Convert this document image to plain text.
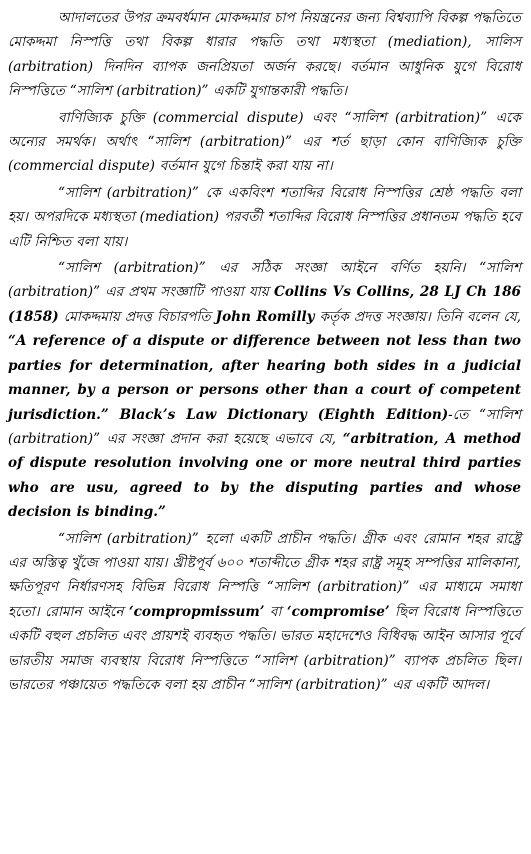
আদালতের উপর ক্রমবর্ধমান মোকদ্দমার চাপ নিয়ন্ত্রনের জন্য বিশ্বব্যাপি বিকল্প পদ্ধতিতে মোকদ্দমা নিস্পত্তি তথা বিকল্প ধারার পদ্ধতি তথা মধ্যস্থতা (mediation), সালিস (arbitration) দিনদিন ব্যাপক জনপ্রিয়তা অর্জন করছে। বর্তমান আধুনিক যুগে বিরোধ নিস্পত্তিতে “সালিশ (arbitration)” একটি যুগান্তকারী পদ্ধতি।

বাণিজ্যিক চুক্তি (commercial dispute) এবং “সালিশ (arbitration)” একে অন্যের সমর্থক। অর্থাৎ “সালিশ (arbitration)” এর শর্ত ছাড়া কোন বাণিজ্যিক চুক্তি (commercial dispute) বর্তমান যুগে চিন্তাই করা যায় না।

“সালিশ (arbitration)” কে একবিংশ শতাব্দির বিরোধ নিস্পত্তির শ্রেষ্ঠ পদ্ধতি বলা হয়। অপরদিকে মধ্যস্থতা (mediation) পরবর্তী শতাব্দির বিরোধ নিস্পত্তির প্রধানতম পদ্ধতি হবে এটি নিশ্চিত বলা যায়।

“সালিশ (arbitration)” এর সঠিক সংজ্ঞা আইনে বর্ণিত হয়নি। “সালিশ (arbitration)” এর প্রথম সংজ্ঞাটি পাওয়া যায় Collins Vs Collins, 28 LJ Ch 186 (1858) মোকদ্দমায় প্রদত্ত বিচারপতি John Romilly কর্তৃক প্রদত্ত সংজ্ঞায়। তিনি বলেন যে, “A reference of a dispute or difference between not less than two parties for determination, after hearing both sides in a judicial manner, by a person or persons other than a court of competent jurisdiction.” Black’s Law Dictionary (Eighth Edition)-তে “সালিশ (arbitration)” এর সংজ্ঞা প্রদান করা হয়েছে এভাবে যে, “arbitration, A method of dispute resolution involving one or more neutral third parties who are usu, agreed to by the disputing parties and whose decision is binding.”

“সালিশ (arbitration)” হলো একটি প্রাচীন পদ্ধতি। গ্রীক এবং রোমান শহর রাষ্ট্রে এর অস্তিত্ব খুঁজে পাওয়া যায়। খ্রীষ্টপূর্ব ৬০০ শতাব্দীতে গ্রীক শহর রাষ্ট্র সমূহ সম্পত্তির মালিকানা, ক্ষতিপূরণ নির্ধারণসহ বিভিন্ন বিরোধ নিস্পত্তি “সালিশ (arbitration)” এর মাধ্যমে সমাধা হতো। রোমান আইনে ‘compropmissum’ বা ‘compromise’ ছিল বিরোধ নিস্পত্তিতে একটি বহুল প্রচলিত এবং প্রায়শই ব্যবহৃত পদ্ধতি। ভারত মহাদেশেও বিধিবদ্ধ আইন আসার পূর্বে ভারতীয় সমাজ ব্যবস্থায় বিরোধ নিস্পত্তিতে “সালিশ (arbitration)” ব্যাপক প্রচলিত ছিল। ভারতের পঞ্চায়েত পদ্ধতিকে বলা হয় প্রাচীন “সালিশ (arbitration)” এর একটি আদল।
